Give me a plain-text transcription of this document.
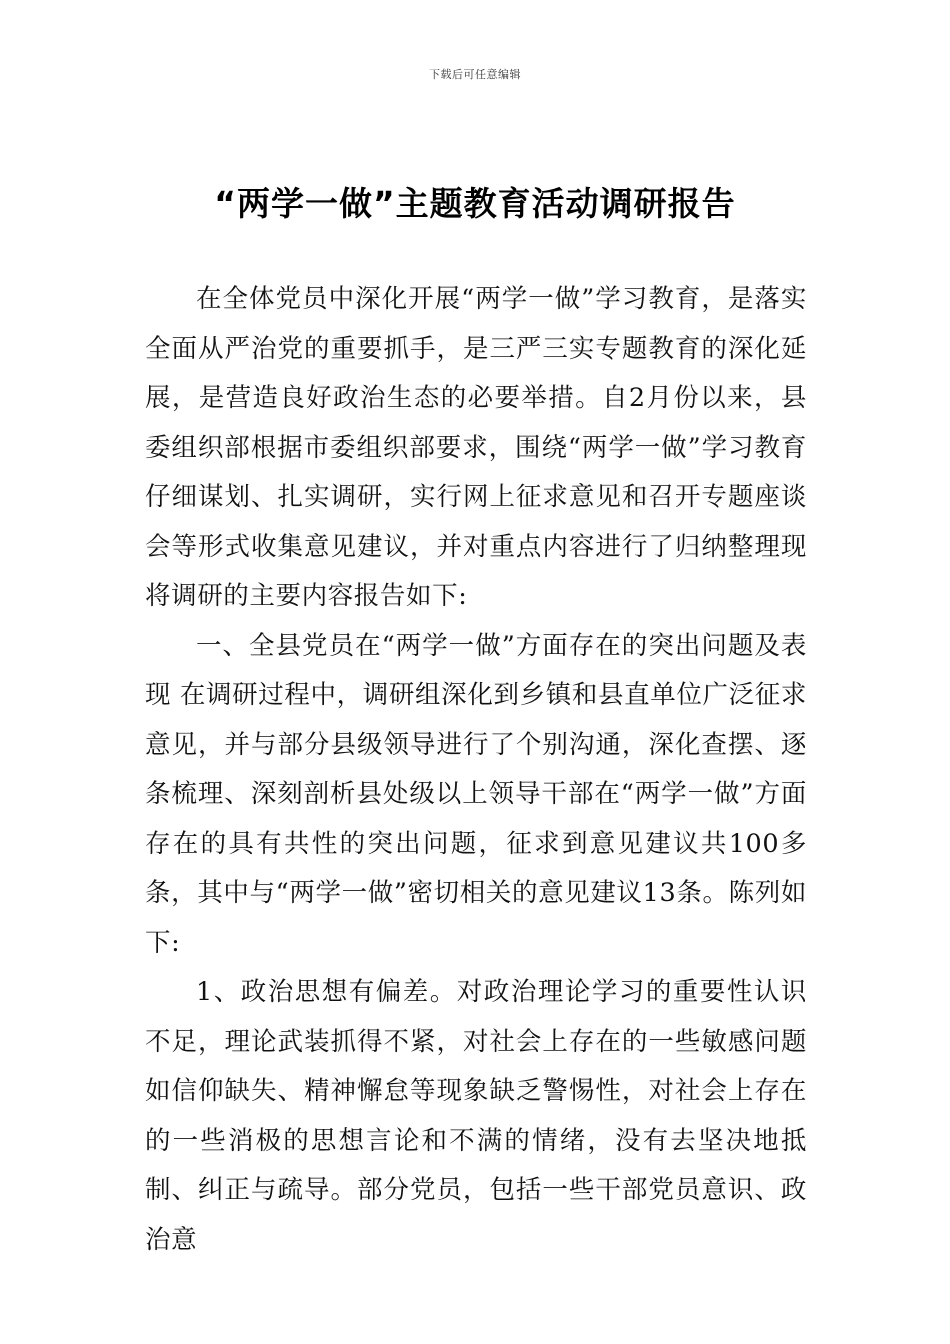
下载后可任意编辑
“两学一做”主题教育活动调研报告

在全体党员中深化开展“两学一做”学习教育，是落实全面从严治党的重要抓手，是三严三实专题教育的深化延展，是营造良好政治生态的必要举措。自2月份以来，县委组织部根据市委组织部要求，围绕“两学一做”学习教育仔细谋划、扎实调研，实行网上征求意见和召开专题座谈会等形式收集意见建议，并对重点内容进行了归纳整理现将调研的主要内容报告如下:

一、全县党员在“两学一做”方面存在的突出问题及表现 在调研过程中，调研组深化到乡镇和县直单位广泛征求意见，并与部分县级领导进行了个别沟通，深化查摆、逐条梳理、深刻剖析县处级以上领导干部在“两学一做”方面存在的具有共性的突出问题，征求到意见建议共100多条，其中与“两学一做”密切相关的意见建议13条。陈列如下:

1、政治思想有偏差。对政治理论学习的重要性认识不足，理论武装抓得不紧，对社会上存在的一些敏感问题如信仰缺失、精神懈怠等现象缺乏警惕性，对社会上存在的一些消极的思想言论和不满的情绪，没有去坚决地抵制、纠正与疏导。部分党员，包括一些干部党员意识、政治意
